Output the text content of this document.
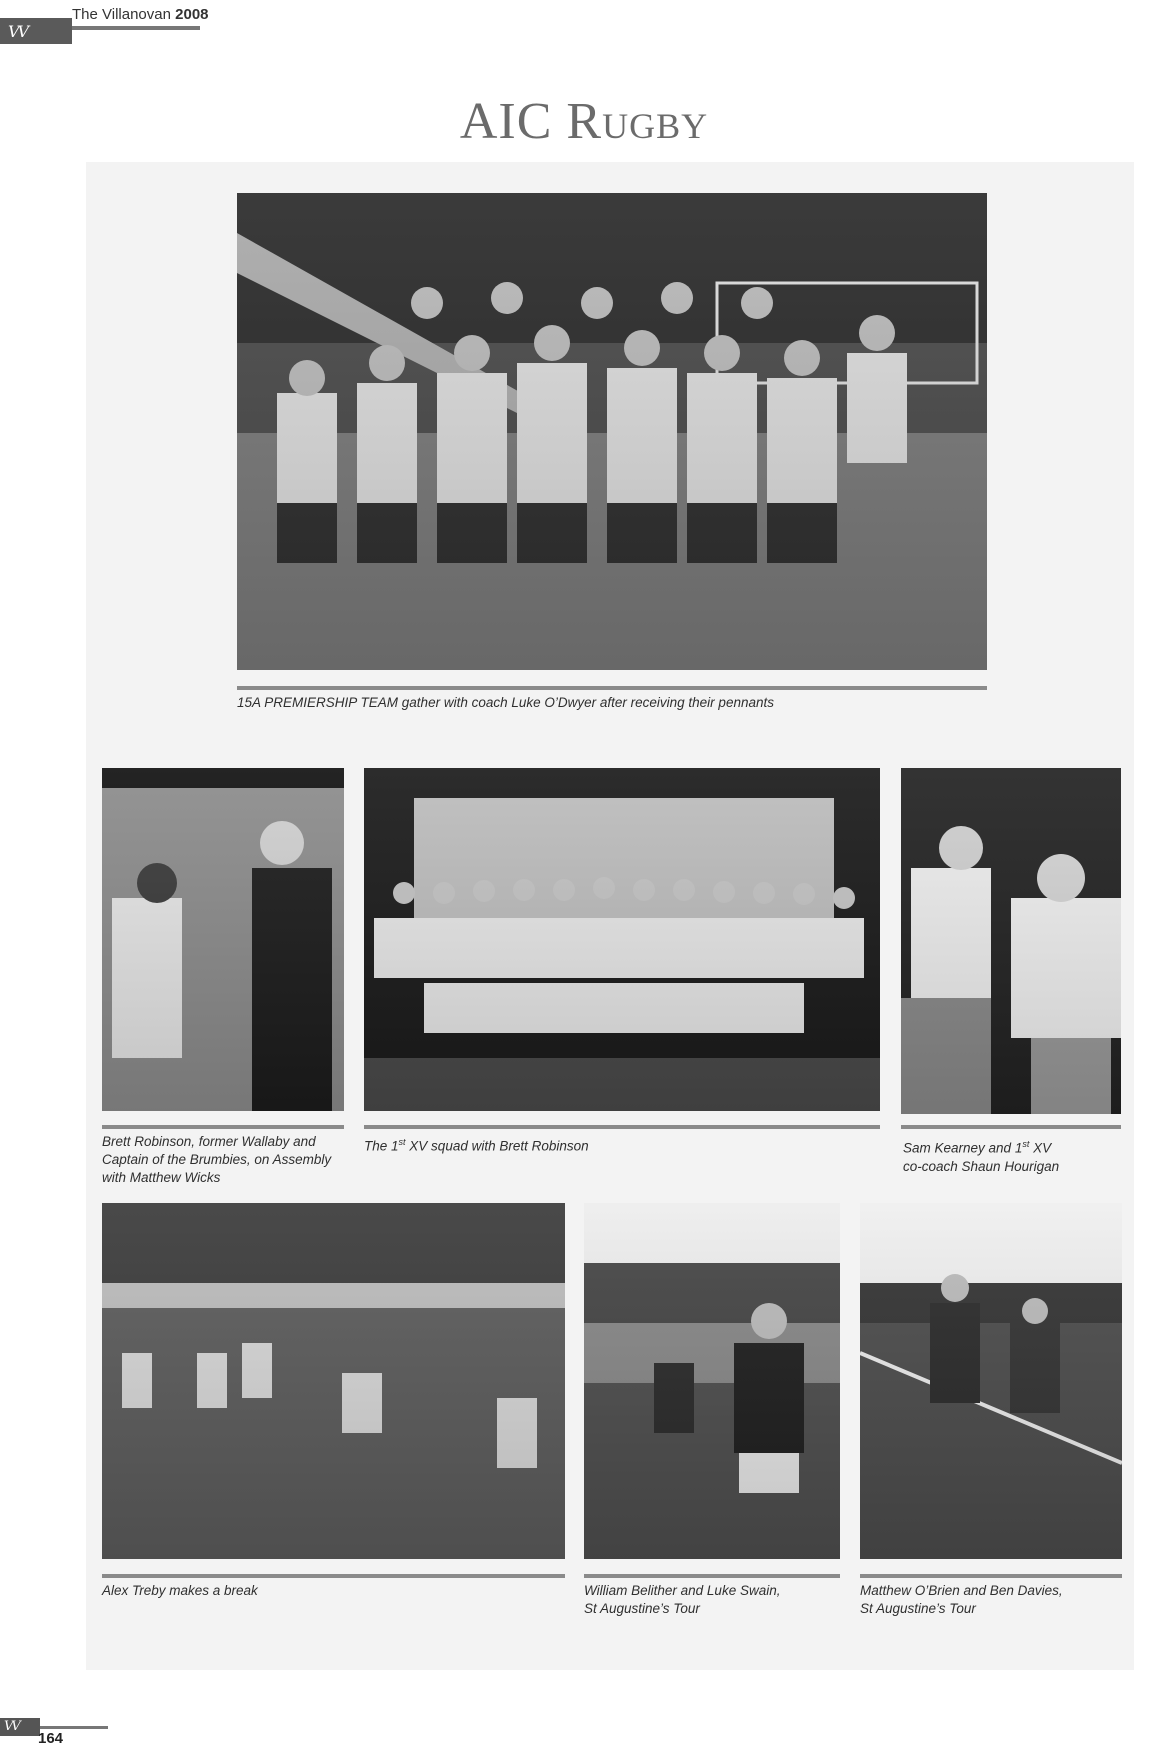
VV
The Villanovan 2008
AIC Rugby
15A PREMIERSHIP TEAM gather with coach Luke O’Dwyer after receiving their pennants
Brett Robinson, former Wallaby and Captain of the Brumbies, on Assembly with Matthew Wicks
The 1st XV squad with Brett Robinson	Sam Kearney and 1st XV
co-coach Shaun Hourigan
Alex Treby makes a break	William Belither and Luke Swain,
St Augustine’s Tour
Matthew O’Brien and Ben Davies,
St Augustine’s Tour
VV
164
